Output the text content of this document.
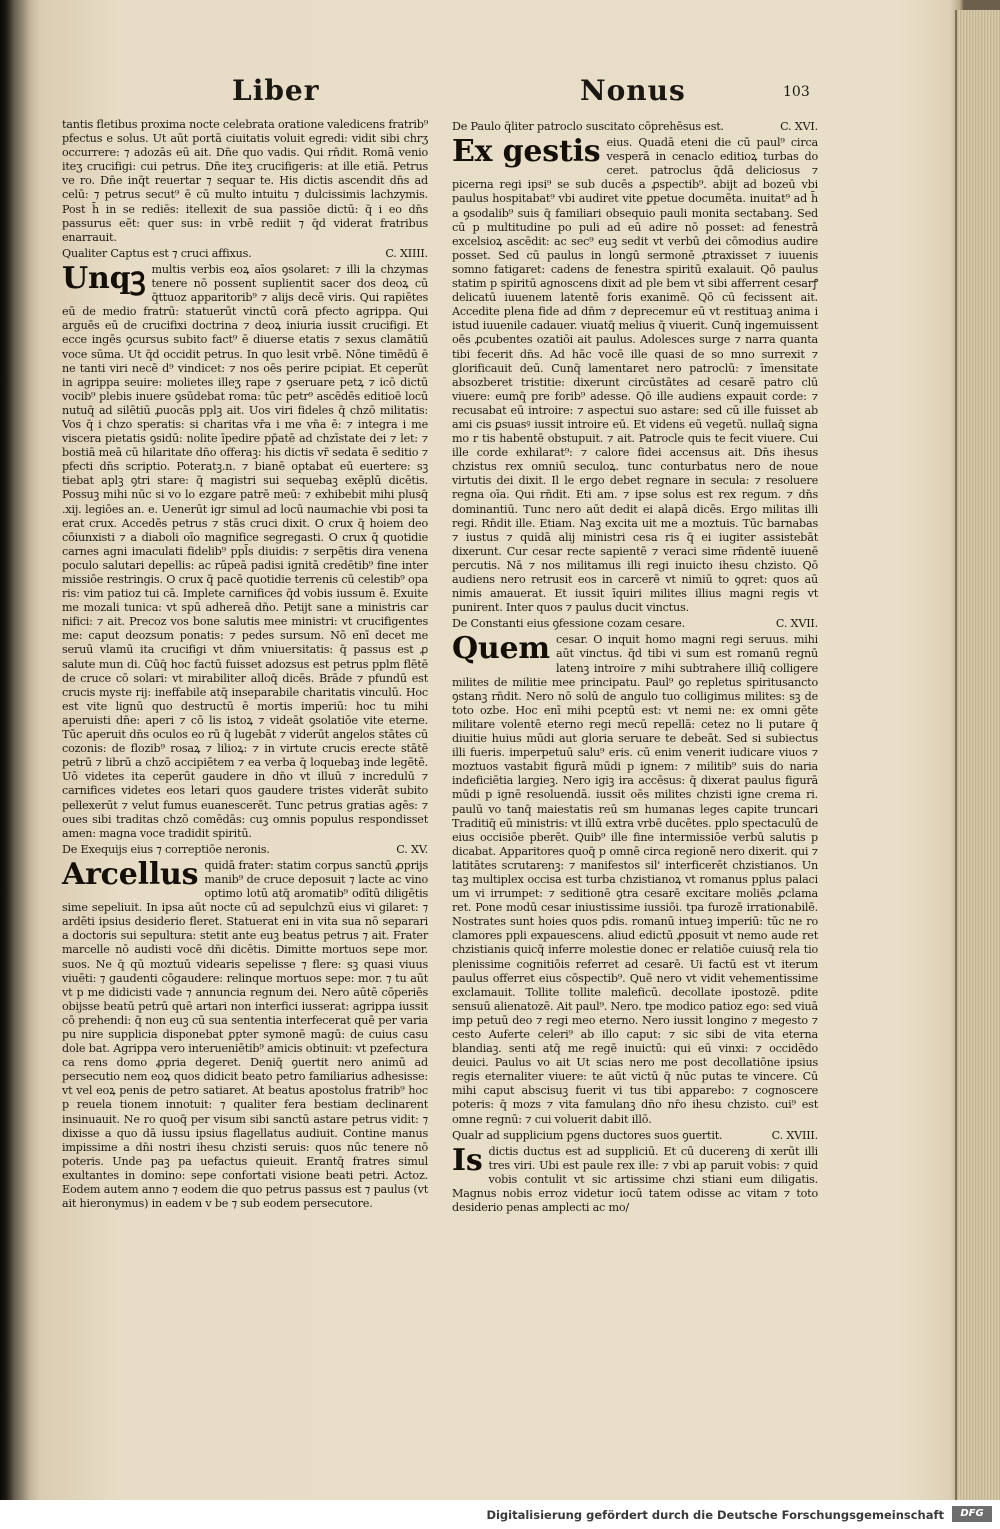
Liber	Nonus	103

tantis fletibus proxima nocte celebrata oratione valedicens fratrib⁹ pfectus e solus. Ut aūt portā ciuitatis voluit egredi: vidit sibi chrʒ occurrere: ⁊ adozās eū ait. Dn̄e quo vadis. Qui rn̄dit. Romā venio iteʒ crucifigi: cui petrus. Dn̄e iteʒ crucifigeris: at ille etiā. Petrus ve ro. Dn̄e inq̄t reuertar ⁊ sequar te. His dictis ascendit dn̄s ad celū: ⁊ petrus secut⁹ ē cū multo intuitu ⁊ dulcissimis lachzymis. Post h̄ in se rediēs: itellexit de sua passiōe dictū: q̄ i eo dn̄s passurus eēt: quer sus: in vrbē rediit ⁊ q̄d viderat fratribus enarrauit.

Qualiter Captus est ⁊ cruci affixus.	C. XIIII.

Unqꝫ multis verbis eoꝝ aīos ꝯsolaret: ⁊ illi la chzymas tenere nō possent suplientit sacer dos deoꝝ cū q̄ttuoz apparitorib⁹ ⁊ alijs decē viris. Qui rapiētes eū de medio fratrū: statuerūt vinctū corā pfecto agrippa. Qui arguēs eū de crucifixi doctrina ⁊ deoꝝ iniuria iussit crucifigi. Et ecce ingēs ꝯcursus subito fact⁹ ē diuerse etatis ⁊ sexus clamātiū voce sūma. Ut q̄d occidit petrus. In quo lesit vrbē. Nōne timēdū ē ne tanti viri necē d⁹ vindicet: ⁊ nos oēs perire pcipiat. Et ceperūt in agrippa seuire: molietes illeʒ rape ⁊ ꝯseruare petꝝ ⁊ icō dictū vocib⁹ plebis inuere ꝯsūdebat roma: tūc petr⁹ ascēdēs editioē locū nutuq̄ ad silētiū ꝓuocās pplꝫ ait. Uos viri fideles q̄ chzō militatis: Vos q̄ i chzo speratis: si charitas vr̄a i me vn̄a ē: ⁊ integra i me viscera pietatis ꝯsidū: nolite īpedire pp̄atē ad chzīstate dei ⁊ let: ⁊ bostiā meā cū hilaritate dn̄o offeraꝫ: his dictis vr̄ sedata ē seditio ⁊ pfecti dn̄s scriptio. Poteratꝫ.n. ⁊ bianē optabat eū euertere: sꝫ tiebat aplꝫ ꝯtri stare: q̄ magistri sui sequebaꝫ exēplū dicētis. Possuꝫ mihi nūc si vo lo ezgare patrē meū: ⁊ exhibebit mihi plusq̄ .xij. legiōes an. e. Uenerūt igr simul ad locū naumachie vbi posi ta erat crux. Accedēs petrus ⁊ stās cruci dixit. O crux q̄ hoiem deo cōiunxisti ⁊ a diaboli oīo magnifice segregasti. O crux q̄ quotidie carnes agni imaculati fidelib⁹ ppl̄s diuidis: ⁊ serpētis dira venena poculo salutari depellis: ac rūpeā padisi ignitā credētib⁹ fine inter missiōe restringis. O crux q̄ pacē quotidie terrenis cū celestib⁹ opa ris: vim patioz tui cā. Implete carnifices q̄d vobis iussum ē. Exuite me mozali tunica: vt spū adhereā dn̄o. Petijt sane a ministris car nifici: ⁊ ait. Precoz vos bone salutis mee ministri: vt crucifigentes me: caput deozsum ponatis: ⁊ pedes sursum. Nō enī decet me seruū vlamū ita crucifigi vt dn̄m vniuersitatis: q̄ passus est ꝓ salute mun di. Cūq̄ hoc factū fuisset adozsus est petrus pplm flētē de cruce cō solari: vt mirabiliter alloq̄ dicēs. Brāde ⁊ pfundū est crucis myste rij: ineffabile atq̄ inseparabile charitatis vinculū. Hoc est vite lignū quo destructū ē mortis imperiū: hoc tu mihi aperuisti dn̄e: aperi ⁊ cō lis istoꝝ ⁊ videāt ꝯsolatiōe vite eterne. Tūc aperuit dn̄s oculos eo rū q̄ lugebāt ⁊ viderūt angelos stātes cū cozonis: de flozib⁹ rosaꝝ ⁊ lilioꝝ: ⁊ in virtute crucis erecte stātē petrū ⁊ librū a chzō accipiētem ⁊ ea verba q̄ loquebaꝫ inde legētē. Uō videtes ita ceperūt gaudere in dn̄o vt illuū ⁊ incredulū ⁊ carnifices videtes eos letari quos gaudere tristes viderāt subito pellexerūt ⁊ velut fumus euanescerēt. Tunc petrus gratias agēs: ⁊ oues sibi traditas chzō comēdās: cuꝫ omnis populus respondisset amen: magna voce tradidit spiritū.

De Exequijs eius ⁊ correptiōe neronis.	C. XV.

Arcellus quidā frater: statim corpus sanctū ꝓprijs manib⁹ de cruce deposuit ⁊ lacte ac vino optimo lotū atq̄ aromatib⁹ odītū diligētis sime sepeliuit. In ipsa aūt nocte cū ad sepulchzū eius vi gilaret: ⁊ ardēti ipsius desiderio fleret. Statuerat eni in vita sua nō separari a doctoris sui sepultura: stetit ante euꝫ beatus petrus ⁊ ait. Frater marcelle nō audisti vocē dn̄i dicētis. Dimitte mortuos sepe mor. suos. Ne q̄ qū moztuū videaris sepelisse ⁊ flere: sꝫ quasi viuus viuēti: ⁊ gaudenti cōgaudere: relinque mortuos sepe: mor. ⁊ tu aūt vt p me didicisti vade ⁊ annuncia regnum dei. Nero aūtē cōperiēs obijsse beatū petrū quē artari non interfici iusserat: agrippa iussit cō prehendi: q̄ non euꝫ cū sua sententia interfecerat quē per varia pu nire supplicia disponebat ꝑpter symonē magū: de cuius casu dole bat. Agrippa vero interueniētib⁹ amicis obtinuit: vt pzefectura ca rens domo ꝓpria degeret. Deniq̄ ꝯuertit nero animū ad persecutio nem eoꝝ quos didicit beato petro familiarius adhesisse: vt vel eoꝝ penis de petro satiaret. At beatus apostolus fratrib⁹ hoc p reuela tionem innotuit: ⁊ qualiter fera bestiam declinarent insinuauit. Ne ro quoq̄ per visum sibi sanctū astare petrus vidit: ⁊ dixisse a quo dā iussu ipsius flagellatus audiuit. Contine manus impissime a dn̄i nostri ihesu chzisti seruis: quos nūc tenere nō poteris. Unde paꝫ pa uefactus quieuit. Erantq̄ fratres simul exultantes in domino: sepe confortati visione beati petri. Actoz. Eodem autem anno ⁊ eodem die quo petrus passus est ⁊ paulus (vt ait hieronymus) in eadem v be ⁊ sub eodem persecutore.

De Paulo q̄liter patroclo suscitato cōprehēsus est.	C. XVI.

Ex gestis eius. Quadā eteni die cū paul⁹ circa vesperā in cenaclo editioꝝ turbas do ceret. patroclus q̄dā deliciosus ⁊ picerna regi ipsi⁹ se sub ducēs a ꝓspectib⁹. abijt ad bozeū vbi paulus hospitabat⁹ vbi audiret vite ꝑpetue documēta. inuitat⁹ ad h̄ a ꝯsodalib⁹ suis q̄ familiari obsequio pauli monita sectabanꝫ. Sed cū p multitudine po puli ad eū adire nō posset: ad fenestrā excelsioꝝ ascēdit: ac sec⁹ euꝫ sedit vt verbū dei cōmodius audire posset. Sed cū paulus in longū sermonē ꝓtraxisset ⁊ iuuenis somno fatigaret: cadens de fenestra spiritū exalauit. Qō paulus statim p spiritū agnoscens dixit ad ple bem vt sibi afferrent cesarꝭ delicatū iuuenem latentē foris exanimē. Qō cū fecissent ait. Accedite plena fide ad dn̄m ⁊ deprecemur eū vt restituaꝫ anima i istud iuuenile cadauer. viuatq̄ melius q̄ viuerit. Cunq̄ ingemuissent oēs ꝓcubentes ozatiōi ait paulus. Adolesces surge ⁊ narra quanta tibi fecerit dn̄s. Ad hāc vocē ille quasi de so mno surrexit ⁊ glorificauit deū. Cunq̄ lamentaret nero patroclū: ⁊ īmensitate absozberet tristitie: dixerunt circūstātes ad cesarē patro clū viuere: eumq̄ pre forib⁹ adesse. Qō ille audiens expauit corde: ⁊ recusabat eū introire: ⁊ aspectui suo astare: sed cū ille fuisset ab ami cis ꝑsuasꝰ iussit introire eū. Et videns eū vegetū. nullaq̄ signa mo r tis habentē obstupuit. ⁊ ait. Patrocle quis te fecit viuere. Cui ille corde exhilarat⁹: ⁊ calore fidei accensus ait. Dn̄s ihesus chzistus rex omniū seculoꝝ. tunc conturbatus nero de noue virtutis dei dixit. Il le ergo debet regnare in secula: ⁊ resoluere regna oīa. Qui rn̄dit. Eti am. ⁊ ipse solus est rex regum. ⁊ dn̄s dominantiū. Tunc nero aūt dedit ei alapā dicēs. Ergo militas illi regi. Rn̄dit ille. Etiam. Naꝫ excita uit me a moztuis. Tūc barnabas ⁊ iustus ⁊ quidā alij ministri cesa ris q̄ ei iugiter assistebāt dixerunt. Cur cesar recte sapientē ⁊ veraci sime rn̄dentē iuuenē percutis. Nā ⁊ nos militamus illi regi inuicto ihesu chzisto. Qō audiens nero retrusit eos in carcerē vt nimiū to ꝯqret: quos aū nimis amauerat. Et iussit īquiri milites illius magni regis vt punirent. Inter quos ⁊ paulus ducit vinctus.

De Constanti eius ꝯfessione cozam cesare.	C. XVII.

Quem cesar. O inquit homo magni regi seruus. mihi aūt vinctus. q̄d tibi vi sum est romanū regnū latenꝫ introire ⁊ mihi subtrahere illiq̄ colligere milites de militie mee principatu. Paul⁹ ꝯo repletus spiritusancto ꝯstanꝫ rn̄dit. Nero nō solū de angulo tuo colligimus milites: sꝫ de toto ozbe. Hoc enī mihi pceptū est: vt nemi ne: ex omni gēte militare volentē eterno regi mecū repellā: cetez no li putare q̄ diuitie huius mūdi aut gloria seruare te debeāt. Sed si subiectus illi fueris. imperpetuū salu⁹ eris. cū enim venerit iudicare viuos ⁊ moztuos vastabit figurā mūdi p ignem: ⁊ militib⁹ suis do naria indeficiētia largieꝫ. Nero igiꝫ ira accēsus: q̄ dixerat paulus figurā mūdi p ignē resoluendā. iussit oēs milites chzisti igne crema ri. paulū vo tanq̄ maiestatis reū sm humanas leges capite truncari Traditiq̄ eū ministris: vt illū extra vrbē ducētes. pplo spectaculū de eius occisiōe pberēt. Quib⁹ ille fine intermissiōe verbū salutis p dicabat. Apparitores quoq̄ p omnē circa regionē nero dixerit. qui ⁊ latitātes scrutarenꝫ: ⁊ manifestos sil' interficerēt chzistianos. Un taꝫ multiplex occisa est turba chzistianoꝝ vt romanus pplus palaci um vi irrumpet: ⁊ seditionē ꝯtra cesarē excitare moliēs ꝓclama ret. Pone modū cesar iniustissime iussiōi. tpa furozē irrationabilē. Nostrates sunt hoies quos pdis. romanū intueꝫ imperiū: tūc ne ro clamores ppli expauescens. aliud edictū ꝓposuit vt nemo aude ret chzistianis quicq̄ inferre molestie donec er relatiōe cuiusq̄ rela tio plenissime cognitiōis referret ad cesarē. Ui factū est vt iterum paulus offerret eius cōspectib⁹. Quē nero vt vidit vehementissime exclamauit. Tollite tollite maleficū. decollate ipostozē. pdite sensuū alienatozē. Ait paul⁹. Nero. tpe modico patioz ego: sed viuā imp petuū deo ⁊ regi meo eterno. Nero iussit longino ⁊ megesto ⁊ cesto Auferte celeri⁹ ab illo caput: ⁊ sic sibi de vita eterna blandiaꝫ. senti atq̄ me regē inuictū: qui eū vinxi: ⁊ occidēdo deuici. Paulus vo ait Ut scias nero me post decollatiōne ipsius regis eternaliter viuere: te aūt victū q̄ nūc putas te vincere. Cū mihi caput abscisuꝫ fuerit vi tus tibi apparebo: ⁊ cognoscere poteris: q̄ mozs ⁊ vita famulanꝫ dn̄o nr̄o ihesu chzisto. cui⁹ est omne regnū: ⁊ cui voluerit dabit illō.

Qualr ad supplicium pgens ductores suos ꝯuertit.	C. XVIII.

Is dictis ductus est ad suppliciū. Et cū ducerenꝫ di xerūt illi tres viri. Ubi est paule rex ille: ⁊ vbi ap paruit vobis: ⁊ quid vobis contulit vt sic artissime chzi stiani eum diligatis. Magnus nobis erroz videtur iocū tatem odisse ac vitam ⁊ toto desiderio penas amplecti ac mo/

Digitalisierung gefördert durch die Deutsche Forschungsgemeinschaft	DFG
